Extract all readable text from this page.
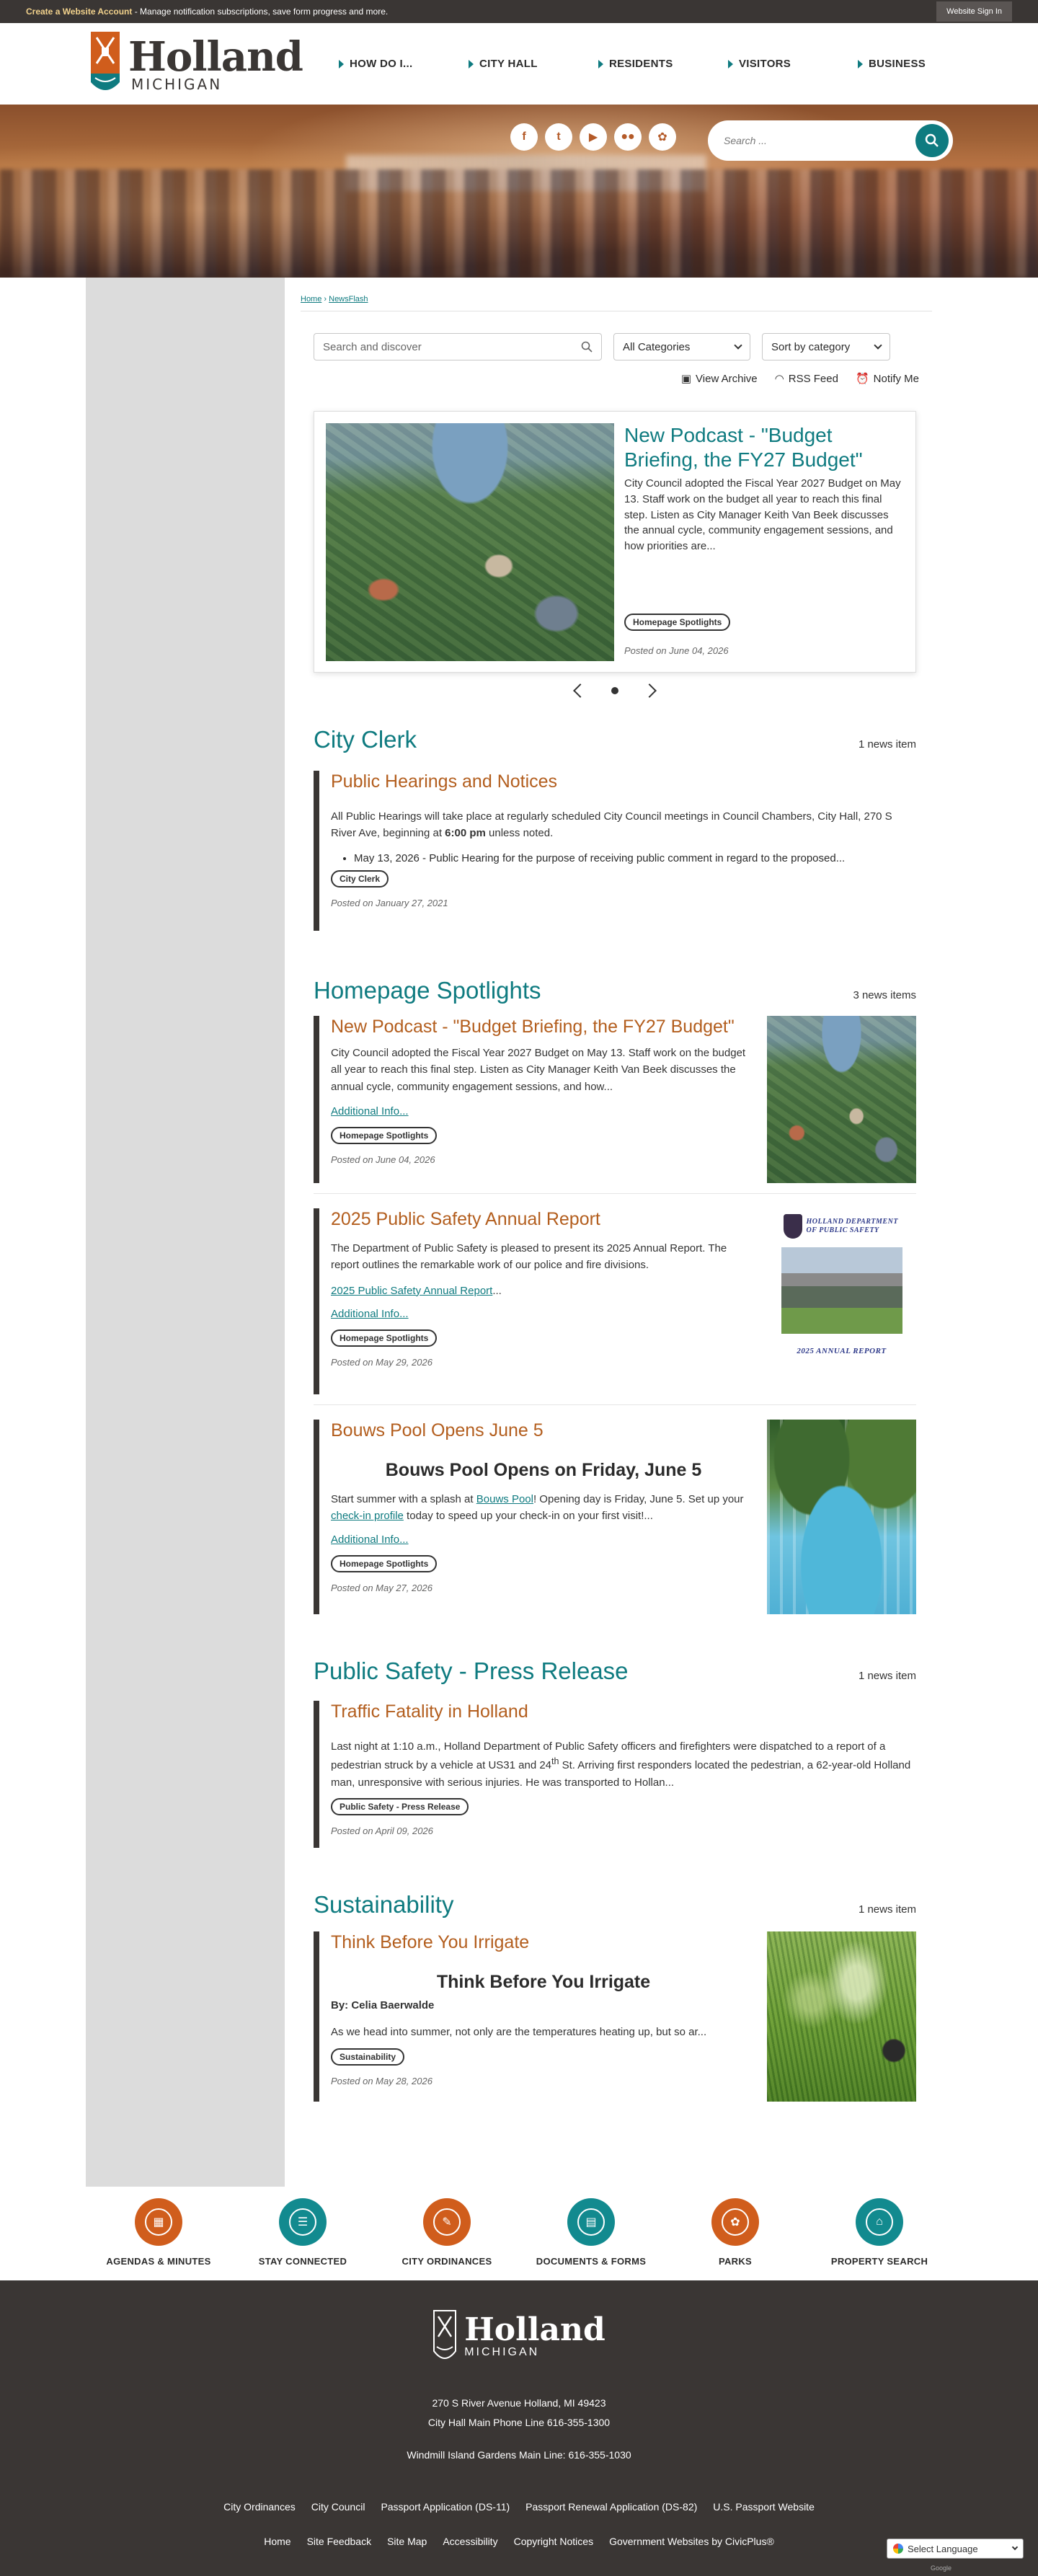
Create a Website Account - Manage notification subscriptions, save form progress and more.	Website Sign In
Holland
MICHIGAN
HOW DO I...	CITY HALL	RESIDENTS	VISITORS	BUSINESS
f	t	▶	●●	✿	Search ...
Home › NewsFlash
Search and discover	All Categories	Sort by category
▣ View Archive ◠ RSS Feed ⏰ Notify Me
New Podcast - "Budget Briefing, the FY27 Budget"

City Council adopted the Fiscal Year 2027 Budget on May 13. Staff work on the budget all year to reach this final step. Listen as City Manager Keith Van Beek discusses the annual cycle, community engagement sessions, and how priorities are...

Homepage Spotlights
Posted on June 04, 2026
City Clerk	1 news item
Public Hearings and Notices

All Public Hearings will take place at regularly scheduled City Council meetings in Council Chambers, City Hall, 270 S River Ave, beginning at 6:00 pm unless noted.

• May 13, 2026 - Public Hearing for the purpose of receiving public comment in regard to the proposed...
City Clerk
Posted on January 27, 2021
Homepage Spotlights	3 news items
New Podcast - "Budget Briefing, the FY27 Budget"

City Council adopted the Fiscal Year 2027 Budget on May 13. Staff work on the budget all year to reach this final step. Listen as City Manager Keith Van Beek discusses the annual cycle, community engagement sessions, and how...

Additional Info...
Homepage Spotlights
Posted on June 04, 2026
2025 Public Safety Annual Report

The Department of Public Safety is pleased to present its 2025 Annual Report. The report outlines the remarkable work of our police and fire divisions.

2025 Public Safety Annual Report...

Additional Info...
Homepage Spotlights
Posted on May 29, 2026
HOLLAND DEPARTMENT OF PUBLIC SAFETY
2025 ANNUAL REPORT
Bouws Pool Opens June 5
Bouws Pool Opens on Friday, June 5

Start summer with a splash at Bouws Pool! Opening day is Friday, June 5. Set up your check-in profile today to speed up your check-in on your first visit!...

Additional Info...
Homepage Spotlights
Posted on May 27, 2026
Public Safety - Press Release	1 news item
Traffic Fatality in Holland

Last night at 1:10 a.m., Holland Department of Public Safety officers and firefighters were dispatched to a report of a pedestrian struck by a vehicle at US31 and 24th St. Arriving first responders located the pedestrian, a 62-year-old Holland man, unresponsive with serious injuries. He was transported to Hollan...

Public Safety - Press Release
Posted on April 09, 2026
Sustainability	1 news item
Think Before You Irrigate
Think Before You Irrigate

By: Celia Baerwalde

As we head into summer, not only are the temperatures heating up, but so ar...

Sustainability
Posted on May 28, 2026
▦
AGENDAS & MINUTES
☰
STAY CONNECTED
✎
CITY ORDINANCES
▤
DOCUMENTS & FORMS
✿
PARKS
⌂
PROPERTY SEARCH
Holland
MICHIGAN
270 S River Avenue Holland, MI 49423
City Hall Main Phone Line 616-355-1300
Windmill Island Gardens Main Line: 616-355-1030
City Ordinances City Council Passport Application (DS-11) Passport Renewal Application (DS-82) U.S. Passport Website
Home Site Feedback Site Map Accessibility Copyright Notices Government Websites by CivicPlus®
Select Language
Google
